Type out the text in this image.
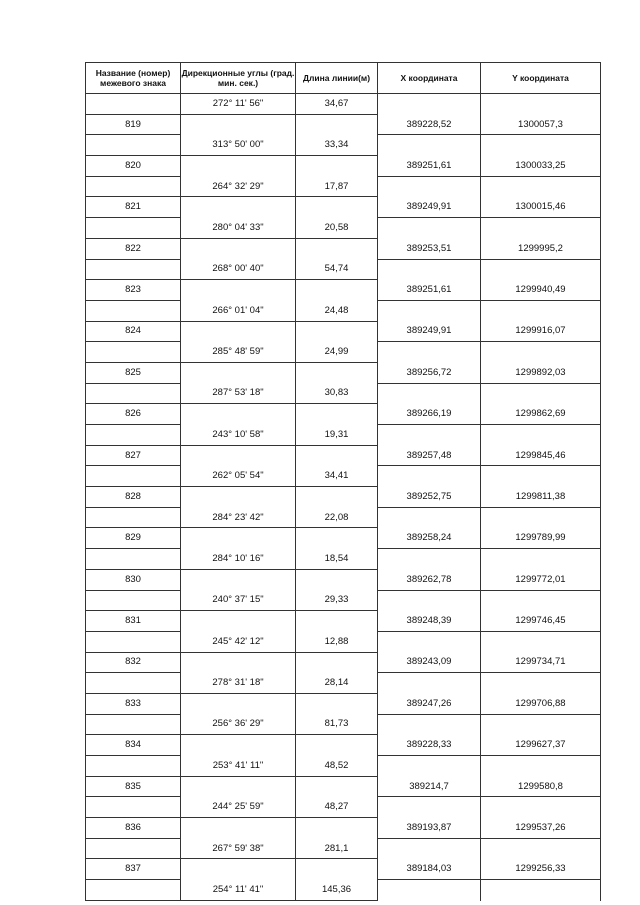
Название (номер) межевого знака	Дирекционные углы (град. мин. сек.)	Длина линии(м)	X координата	Y координата
	272° 11' 56"	34,67		
819			389228,52	1300057,3
	313° 50' 00"	33,34		
820			389251,61	1300033,25
	264° 32' 29"	17,87		
821			389249,91	1300015,46
	280° 04' 33"	20,58		
822			389253,51	1299995,2
	268° 00' 40"	54,74		
823			389251,61	1299940,49
	266° 01' 04"	24,48		
824			389249,91	1299916,07
	285° 48' 59"	24,99		
825			389256,72	1299892,03
	287° 53' 18"	30,83		
826			389266,19	1299862,69
	243° 10' 58"	19,31		
827			389257,48	1299845,46
	262° 05' 54"	34,41		
828			389252,75	1299811,38
	284° 23' 42"	22,08		
829			389258,24	1299789,99
	284° 10' 16"	18,54		
830			389262,78	1299772,01
	240° 37' 15"	29,33		
831			389248,39	1299746,45
	245° 42' 12"	12,88		
832			389243,09	1299734,71
	278° 31' 18"	28,14		
833			389247,26	1299706,88
	256° 36' 29"	81,73		
834			389228,33	1299627,37
	253° 41' 11"	48,52		
835			389214,7	1299580,8
	244° 25' 59"	48,27		
836			389193,87	1299537,26
	267° 59' 38"	281,1		
837			389184,03	1299256,33
	254° 11' 41"	145,36		
